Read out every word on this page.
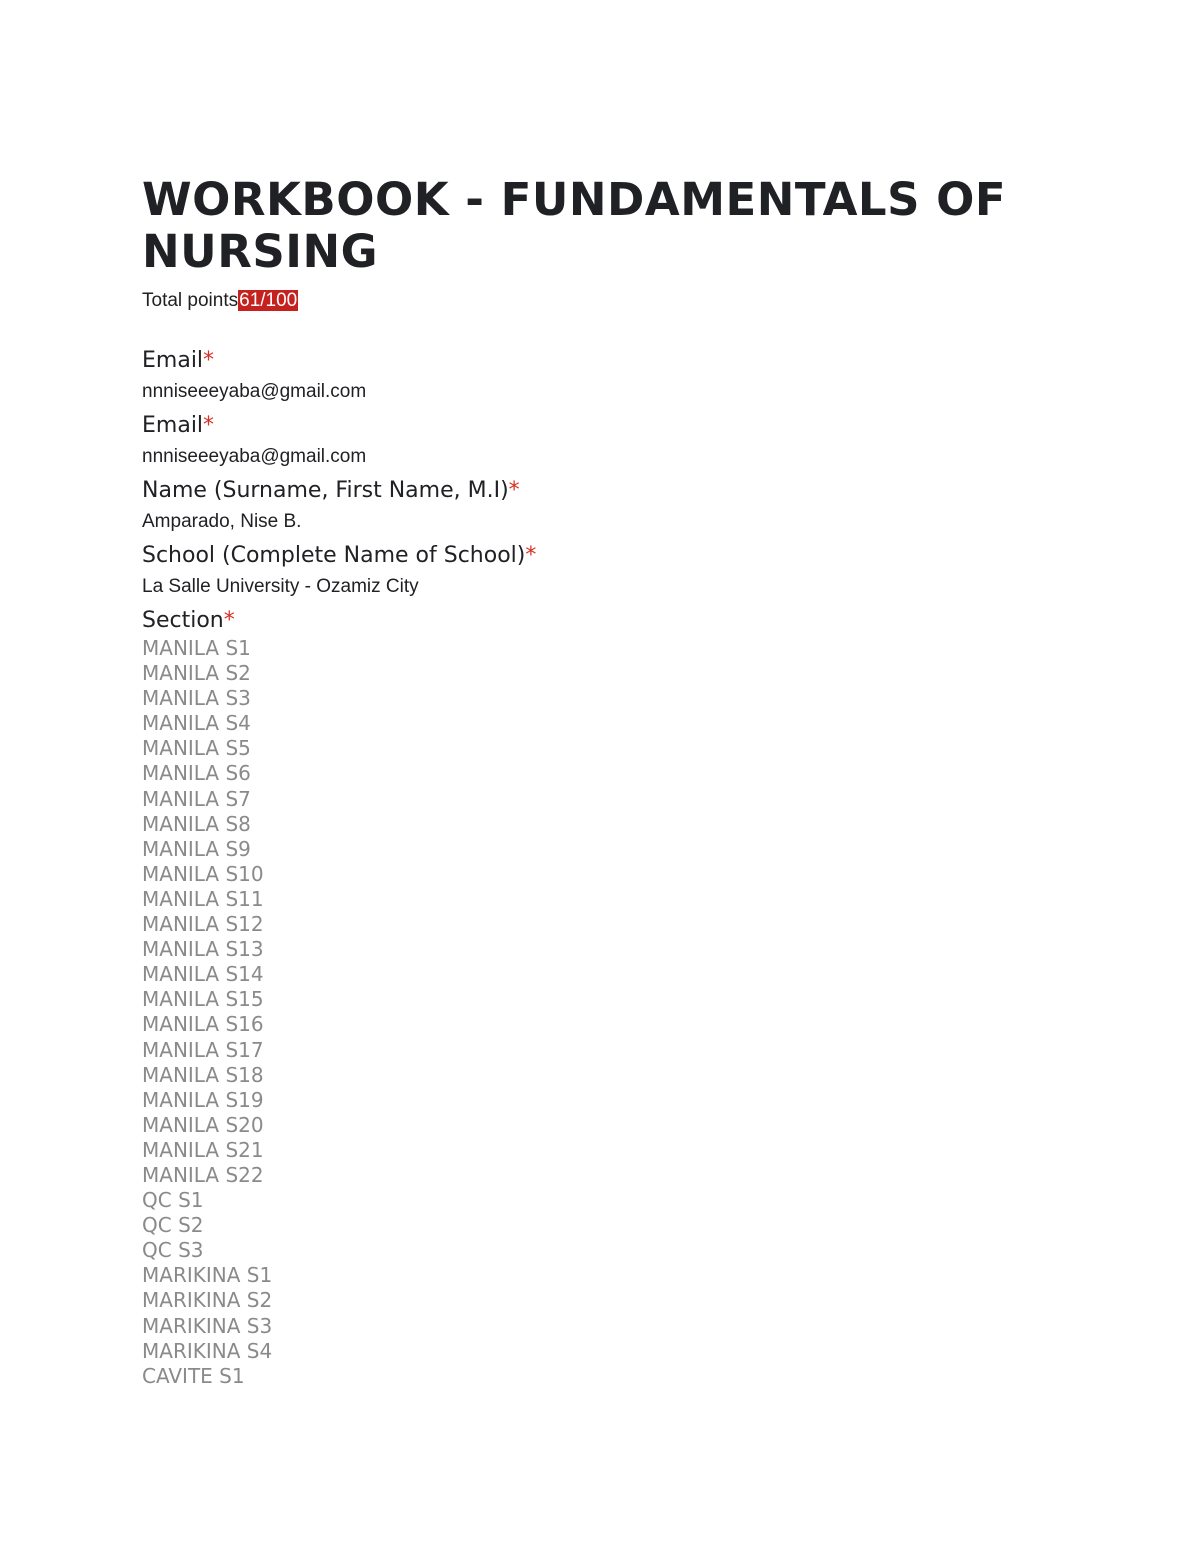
WORKBOOK - FUNDAMENTALS OF NURSING
Total points61/100
Email*
nnniseeeyaba@gmail.com
Email*
nnniseeeyaba@gmail.com
Name (Surname, First Name, M.I)*
Amparado, Nise B.
School (Complete Name of School)*
La Salle University - Ozamiz City
Section*
MANILA S1
MANILA S2
MANILA S3
MANILA S4
MANILA S5
MANILA S6
MANILA S7
MANILA S8
MANILA S9
MANILA S10
MANILA S11
MANILA S12
MANILA S13
MANILA S14
MANILA S15
MANILA S16
MANILA S17
MANILA S18
MANILA S19
MANILA S20
MANILA S21
MANILA S22
QC S1
QC S2
QC S3
MARIKINA S1
MARIKINA S2
MARIKINA S3
MARIKINA S4
CAVITE S1
